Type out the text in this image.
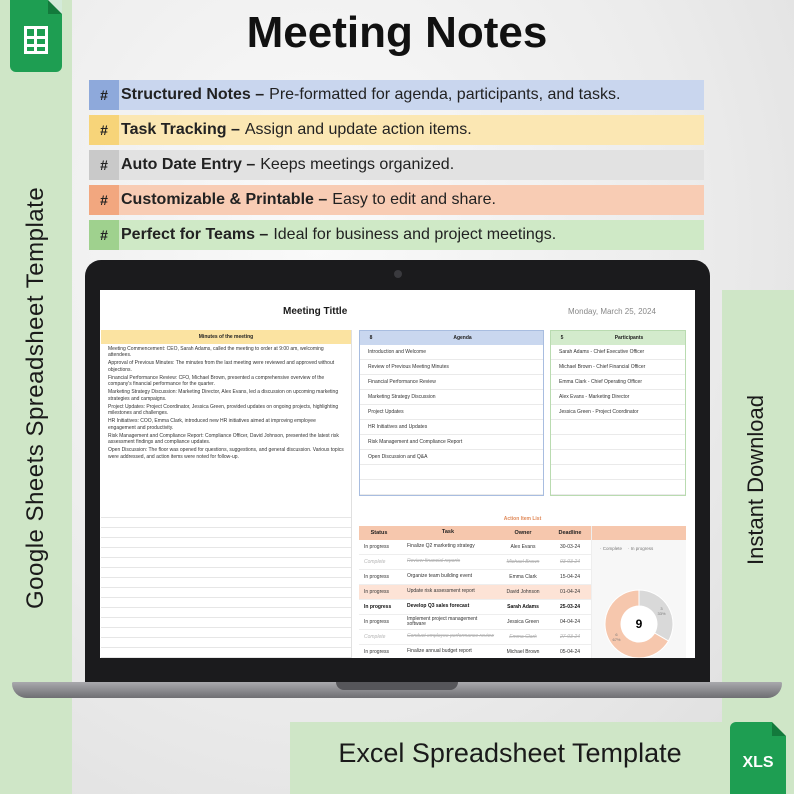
XLS
Meeting Notes
Google Sheets Spreadsheet Template	Instant Download
Excel Spreadsheet Template
# Structured Notes – Pre-formatted for agenda, participants, and tasks.
# Task Tracking – Assign and update action items.
# Auto Date Entry – Keeps meetings organized.
# Customizable & Printable – Easy to edit and share.
# Perfect for Teams – Ideal for business and project meetings.
Meeting Tittle	Monday, March 25, 2024
Minutes of the meeting
Meeting Commencement: CEO, Sarah Adams, called the meeting to order at 9:00 am, welcoming attendees.
Approval of Previous Minutes: The minutes from the last meeting were reviewed and approved without objections.
Financial Performance Review: CFO, Michael Brown, presented a comprehensive overview of the company's financial performance for the quarter.
Marketing Strategy Discussion: Marketing Director, Alex Evans, led a discussion on upcoming marketing strategies and campaigns.
Project Updates: Project Coordinator, Jessica Green, provided updates on ongoing projects, highlighting milestones and challenges.
HR Initiatives: COO, Emma Clark, introduced new HR initiatives aimed at improving employee engagement and productivity.
Risk Management and Compliance Report: Compliance Officer, David Johnson, presented the latest risk assessment findings and compliance updates.
Open Discussion: The floor was opened for questions, suggestions, and general discussion. Various topics were addressed, and action items were noted for follow-up.
8	Agenda
Introduction and Welcome
Review of Previous Meeting Minutes
Financial Performance Review
Marketing Strategy Discussion
Project Updates
HR Initiatives and Updates
Risk Management and Compliance Report
Open Discussion and Q&A
5	Participants
Sarah Adams - Chief Executive Officer
Michael Brown - Chief Financial Officer
Emma Clark - Chief Operating Officer
Alex Evans - Marketing Director
Jessica Green - Project Coordinator
Action Item List
Status	Task	Owner	Deadline
In progress	Finalize Q2 marketing strategy	Alex Evans	30-03-24
Complete	Review financial reports	Michael Brown	03-03-24
In progress	Organize team building event	Emma Clark	15-04-24
In progress	Update risk assessment report	David Johnson	01-04-24
In progress	Develop Q3 sales forecast	Sarah Adams	25-03-24
In progress
Implement project management software	Jessica Green	04-04-24
Complete	Conduct employee performance review	Emma Clark	27-03-24
In progress	Finalize annual budget report	Michael Brown	05-04-24
· Complete
·	In progress
3
33%
6
67%
9
